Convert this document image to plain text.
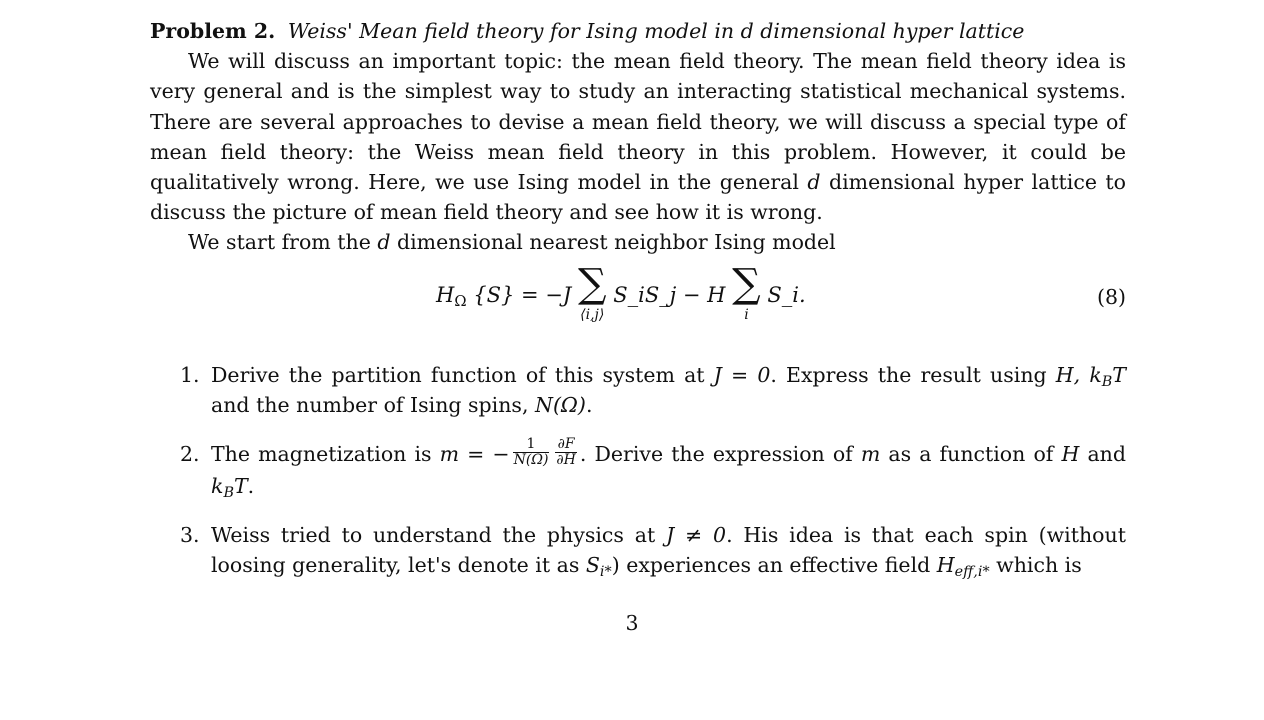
Problem 2. Weiss' Mean field theory for Ising model in d dimensional hyper lattice

We will discuss an important topic: the mean field theory. The mean field theory idea is very general and is the simplest way to study an interacting statistical mechanical systems. There are several approaches to devise a mean field theory, we will discuss a special type of mean field theory: the Weiss mean field theory in this problem. However, it could be qualitatively wrong. Here, we use Ising model in the general d dimensional hyper lattice to discuss the picture of mean field theory and see how it is wrong.

We start from the d dimensional nearest neighbor Ising model

$H_\Omega$ {S} = −J ∑
⟨i,j⟩
S_iS_j − H ∑
i
S_i.	(8)
1. Derive the partition function of this system at J = 0. Express the result using H, $k_BT$ and the number of Ising spins, N(Ω).
2. The magnetization is m = − $\frac{1}{N(\Omega)} \frac{\partial F}{\partial H}$ . Derive the expression of m as a function of H and $k_BT$.
3. Weiss tried to understand the physics at J ≠ 0. His idea is that each spin (without loosing generality, let's denote it as $S_{i*}$) experiences an effective field $H_{eff,i*}$ which is
3
